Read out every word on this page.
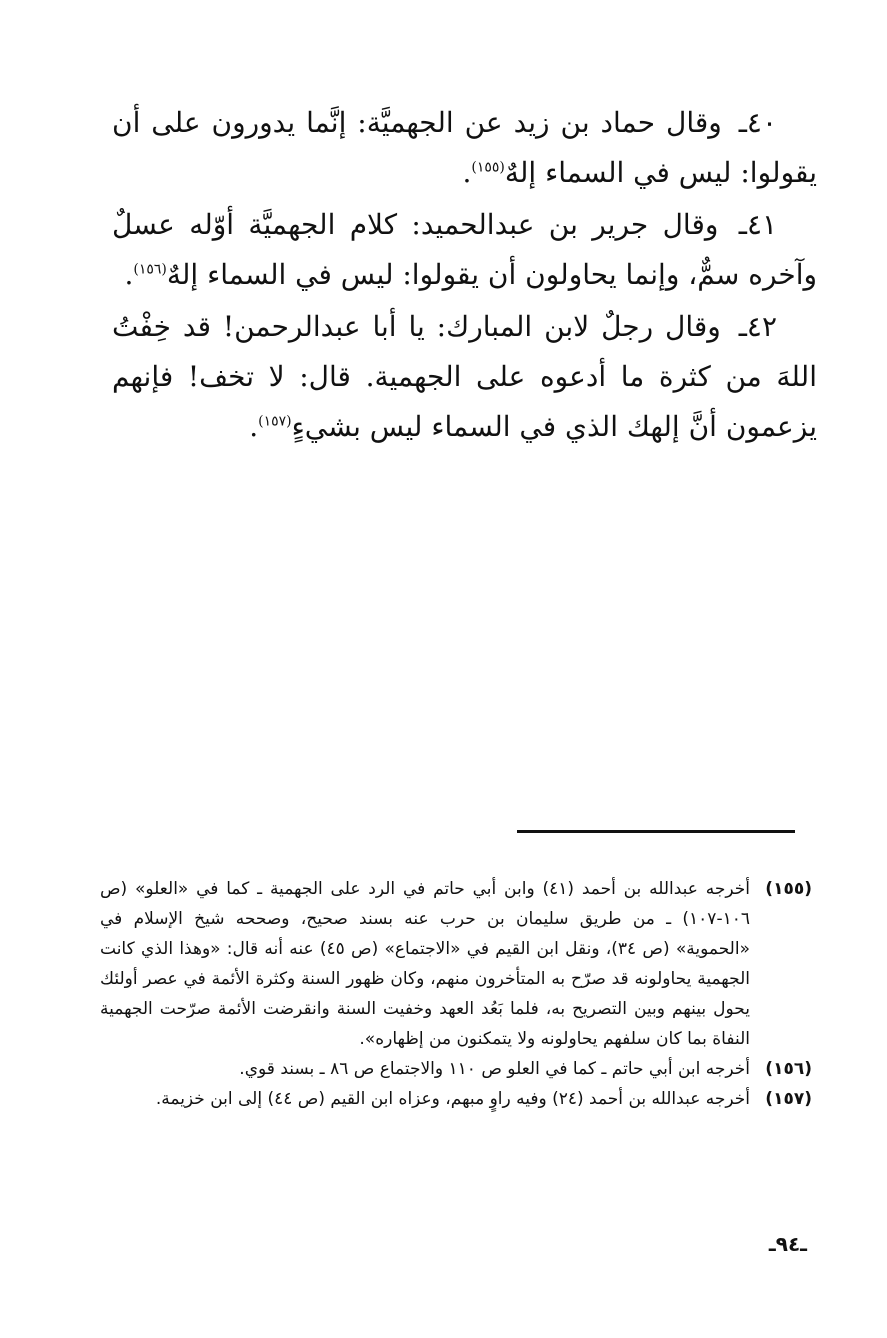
٤٠ـ وقال حماد بن زيد عن الجهميَّة: إنَّما يدورون على أن يقولوا: ليس في السماء إلهٌ$^{(١٥٥)}$.

٤١ـ وقال جرير بن عبدالحميد: كلام الجهميَّة أوّله عسلٌ وآخره سمٌّ، وإنما يحاولون أن يقولوا: ليس في السماء إلهٌ$^{(١٥٦)}$.

٤٢ـ وقال رجلٌ لابن المبارك: يا أبا عبدالرحمن! قد خِفْتُ اللهَ من كثرة ما أدعوه على الجهمية. قال: لا تخف! فإنهم يزعمون أنَّ إلهك الذي في السماء ليس بشيءٍ$^{(١٥٧)}$.

(١٥٥)
أخرجه عبدالله بن أحمد (٤١) وابن أبي حاتم في الرد على الجهمية ـ كما في «العلو» (ص ١٠٦-١٠٧) ـ من طريق سليمان بن حرب عنه بسند صحيح، وصححه شيخ الإسلام في «الحموية» (ص ٣٤)، ونقل ابن القيم في «الاجتماع» (ص ٤٥) عنه أنه قال: «وهذا الذي كانت الجهمية يحاولونه قد صرّح به المتأخرون منهم، وكان ظهور السنة وكثرة الأئمة في عصر أولئك يحول بينهم وبين التصريح به، فلما بَعُد العهد وخفيت السنة وانقرضت الأئمة صرّحت الجهمية النفاة بما كان سلفهم يحاولونه ولا يتمكنون من إظهاره».
(١٥٦)
أخرجه ابن أبي حاتم ـ كما في العلو ص ١١٠ والاجتماع ص ٨٦ ـ بسند قوي.
(١٥٧)
أخرجه عبدالله بن أحمد (٢٤) وفيه راوٍ مبهم، وعزاه ابن القيم (ص ٤٤) إلى ابن خزيمة.
ـ٩٤ـ
